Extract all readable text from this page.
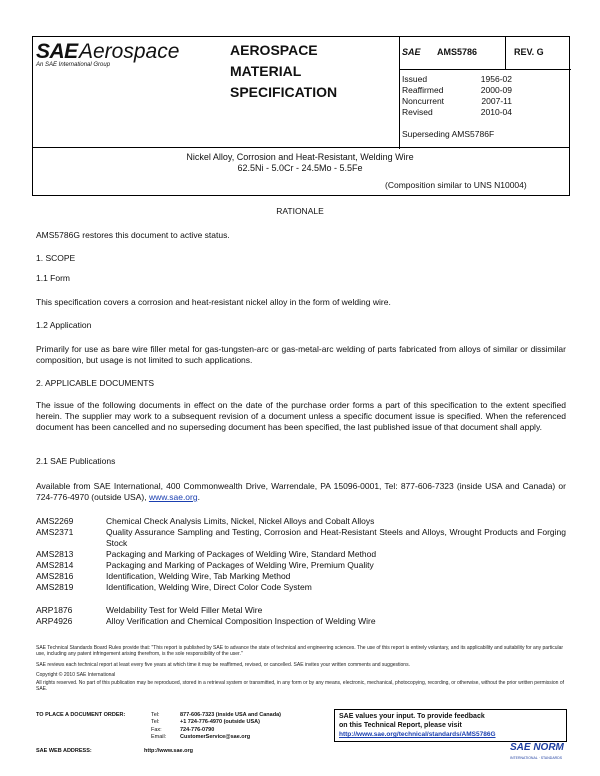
SAE Aerospace
An SAE International Group
AEROSPACE
MATERIAL
SPECIFICATION
SAE AMS5786	REV. G
Issued	1956-02
Reaffirmed	2000-09
Noncurrent	2007-11
Revised	2010-04
Superseding AMS5786F
Nickel Alloy, Corrosion and Heat-Resistant, Welding Wire
62.5Ni - 5.0Cr - 24.5Mo - 5.5Fe
(Composition similar to UNS N10004)
RATIONALE
AMS5786G restores this document to active status.
1. SCOPE
1.1 Form
This specification covers a corrosion and heat-resistant nickel alloy in the form of welding wire.
1.2 Application
Primarily for use as bare wire filler metal for gas-tungsten-arc or gas-metal-arc welding of parts fabricated from alloys of similar or dissimilar composition, but usage is not limited to such applications.
2. APPLICABLE DOCUMENTS
The issue of the following documents in effect on the date of the purchase order forms a part of this specification to the extent specified herein. The supplier may work to a subsequent revision of a document unless a specific document issue is specified. When the referenced document has been cancelled and no superseding document has been specified, the last published issue of that document shall apply.
2.1 SAE Publications
Available from SAE International, 400 Commonwealth Drive, Warrendale, PA 15096-0001, Tel: 877-606-7323 (inside USA and Canada) or 724-776-4970 (outside USA), www.sae.org.
AMS2269	Chemical Check Analysis Limits, Nickel, Nickel Alloys and Cobalt Alloys
AMS2371	Quality Assurance Sampling and Testing, Corrosion and Heat-Resistant Steels and Alloys, Wrought Products and Forging Stock
AMS2813	Packaging and Marking of Packages of Welding Wire, Standard Method
AMS2814	Packaging and Marking of Packages of Welding Wire, Premium Quality
AMS2816	Identification, Welding Wire, Tab Marking Method
AMS2819	Identification, Welding Wire, Direct Color Code System
ARP1876	Weldability Test for Weld Filler Metal Wire
ARP4926	Alloy Verification and Chemical Composition Inspection of Welding Wire
SAE Technical Standards Board Rules provide that: "This report is published by SAE to advance the state of technical and engineering sciences. The use of this report is entirely voluntary, and its applicability and suitability for any particular use, including any patent infringement arising therefrom, is the sole responsibility of the user."
SAE reviews each technical report at least every five years at which time it may be reaffirmed, revised, or cancelled. SAE invites your written comments and suggestions.
Copyright © 2010 SAE International
All rights reserved. No part of this publication may be reproduced, stored in a retrieval system or transmitted, in any form or by any means, electronic, mechanical, photocopying, recording, or otherwise, without the prior written permission of SAE.
TO PLACE A DOCUMENT ORDER:	Tel:	877-606-7323 (inside USA and Canada)
Tel:	+1 724-776-4970 (outside USA)
Fax:	724-776-0790
Email:	CustomerService@sae.org
SAE WEB ADDRESS:	http://www.sae.org
SAE values your input. To provide feedback
on this Technical Report, please visit
http://www.sae.org/technical/standards/AMS5786G
SAE NORM
INTERNATIONAL · STANDARDS
